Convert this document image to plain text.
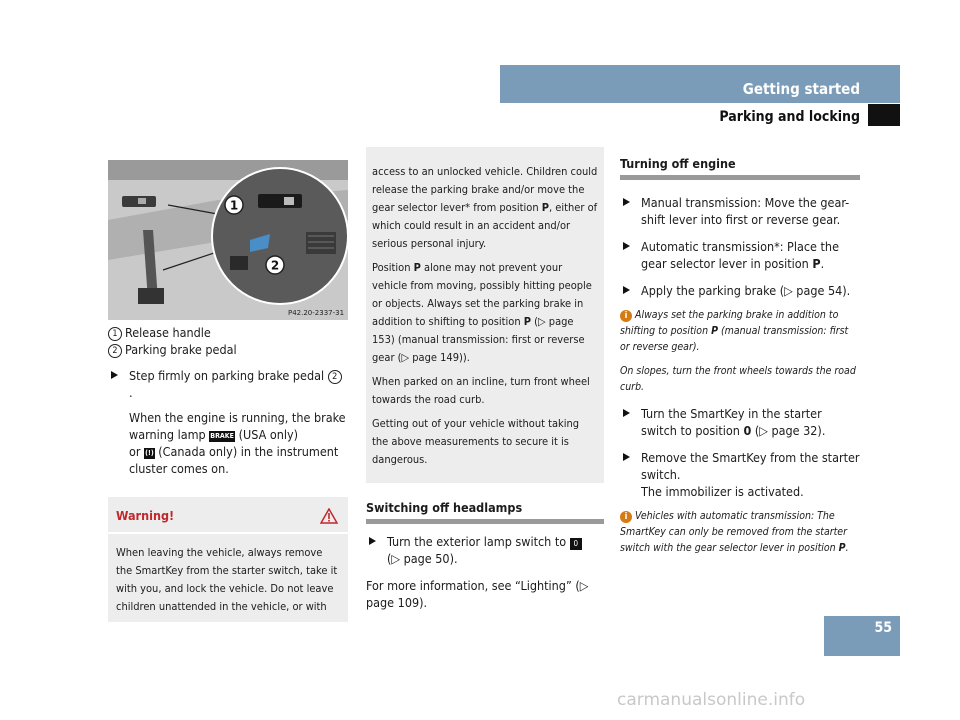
Getting started
Parking and locking
1
2
P42.20-2337-31
1 Release handle
2 Parking brake pedal
Step firmly on parking brake pedal 2.
When the engine is running, the brake warning lamp BRAKE (USA only)
or (!) (Canada only) in the instrument cluster comes on.
Warning!
When leaving the vehicle, always remove the SmartKey from the starter switch, take it with you, and lock the vehicle. Do not leave children unattended in the vehicle, or with

access to an unlocked vehicle. Children could release the parking brake and/or move the gear selector lever* from position P, either of which could result in an accident and/or serious personal injury.

Position P alone may not prevent your vehicle from moving, possibly hitting people or objects. Always set the parking brake in addition to shifting to position P (▷ page 153) (manual transmission: first or reverse gear (▷ page 149)).

When parked on an incline, turn front wheel towards the road curb.

Getting out of your vehicle without taking the above measurements to secure it is dangerous.

Switching off headlamps
Turn the exterior lamp switch to 0
(▷ page 50).
For more information, see “Lighting” (▷ page 109).
Turning off engine
Manual transmission: Move the gear-shift lever into first or reverse gear.
Automatic transmission*: Place the gear selector lever in position P.
Apply the parking brake (▷ page 54).
i Always set the parking brake in addition to shifting to position P (manual transmission: first or reverse gear).
On slopes, turn the front wheels towards the road curb.
Turn the SmartKey in the starter switch to position 0 (▷ page 32).
Remove the SmartKey from the starter switch.
The immobilizer is activated.
i Vehicles with automatic transmission: The SmartKey can only be removed from the starter switch with the gear selector lever in position P.
55
carmanualsonline.info
